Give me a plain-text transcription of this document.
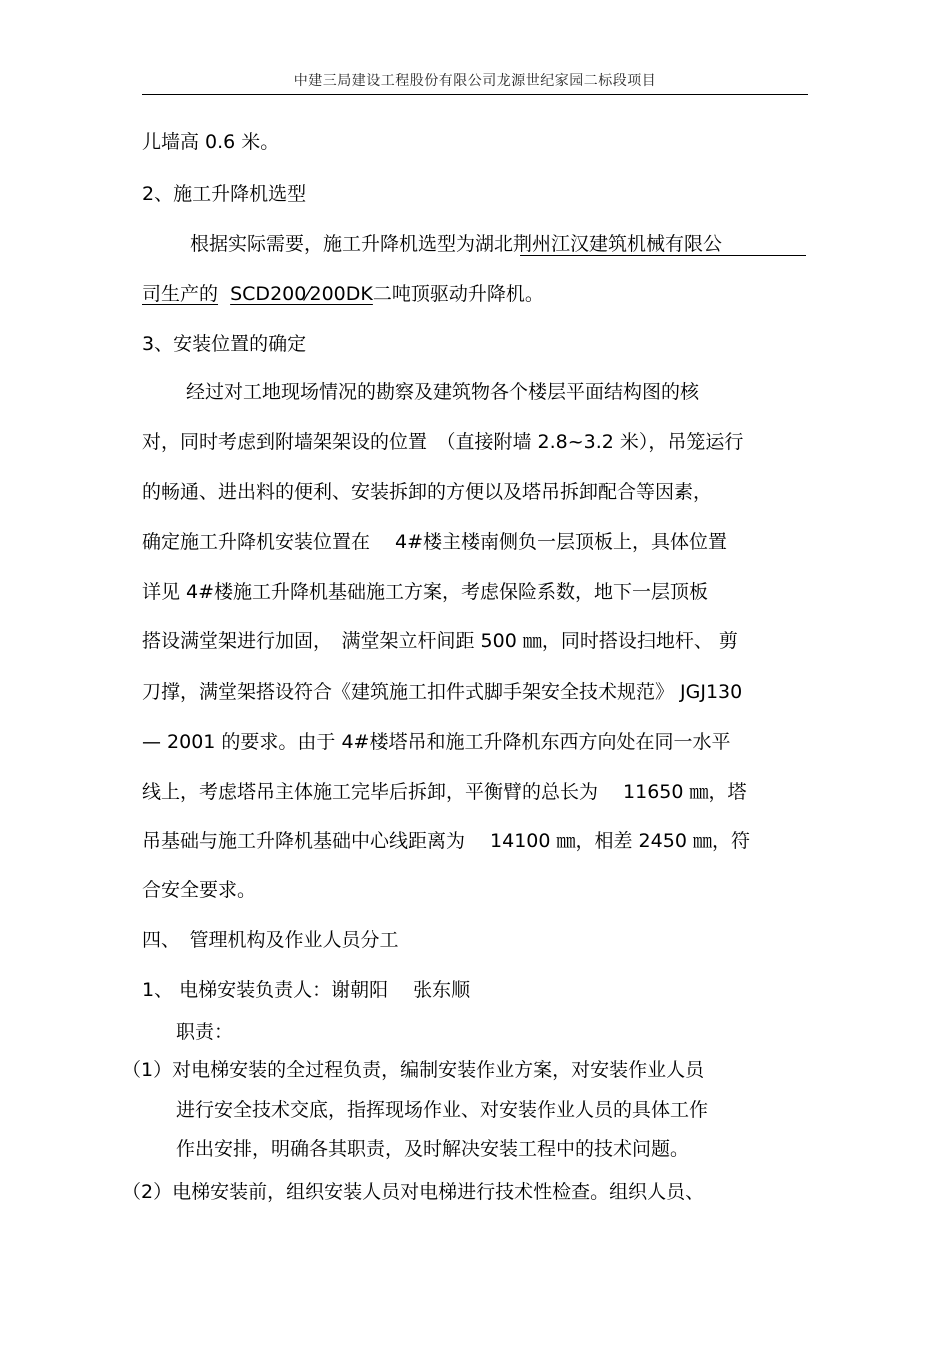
中建三局建设工程股份有限公司龙源世纪家园二标段项目
儿墙高 0.6 米。
2、施工升降机选型
根据实际需要，施工升降机选型为湖北荆州江汉建筑机械有限公
司生产的 SCD200⁄200DK二吨顶驱动升降机。
3、安装位置的确定
经过对工地现场情况的勘察及建筑物各个楼层平面结构图的核
对，同时考虑到附墙架架设的位置　（直接附墙 2.8~3.2 米），吊笼运行
的畅通、进出料的便利、安装拆卸的方便以及塔吊拆卸配合等因素，
确定施工升降机安装位置在　 4#楼主楼南侧负一层顶板上，具体位置
详见 4#楼施工升降机基础施工方案，考虑保险系数，地下一层顶板
搭设满堂架进行加固，　满堂架立杆间距 500 ㎜，同时搭设扫地杆、 剪
刀撑，满堂架搭设符合《建筑施工扣件式脚手架安全技术规范》 JGJ130
— 2001 的要求。由于 4#楼塔吊和施工升降机东西方向处在同一水平
线上，考虑塔吊主体施工完毕后拆卸，平衡臂的总长为　 11650 ㎜，塔
吊基础与施工升降机基础中心线距离为　 14100 ㎜，相差 2450 ㎜，符
合安全要求。
四、　管理机构及作业人员分工
1、 电梯安装负责人：谢朝阳　 张东顺
职责：
（1）对电梯安装的全过程负责，编制安装作业方案，对安装作业人员
进行安全技术交底，指挥现场作业、对安装作业人员的具体工作
作出安排，明确各其职责，及时解决安装工程中的技术问题。
（2）电梯安装前，组织安装人员对电梯进行技术性检查。组织人员、
